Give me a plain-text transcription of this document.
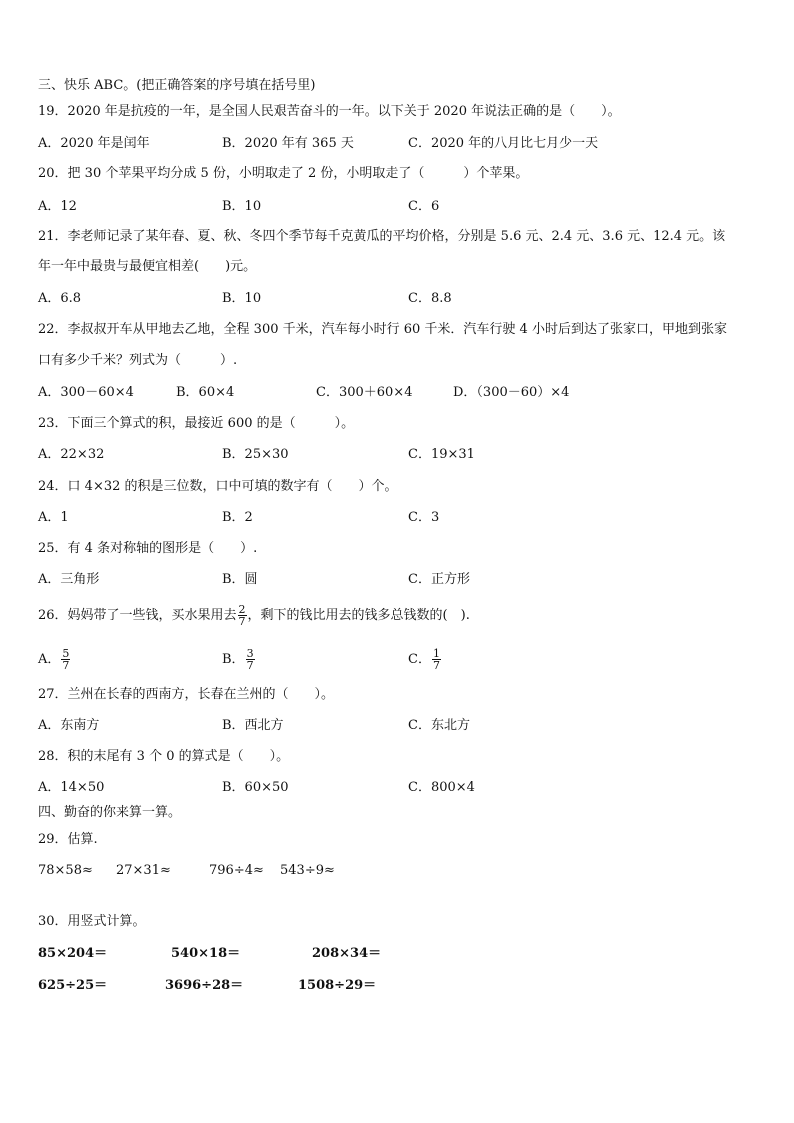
三、快乐 ABC。(把正确答案的序号填在括号里)
19．2020 年是抗疫的一年，是全国人民艰苦奋斗的一年。以下关于 2020 年说法正确的是（　　）。
A．2020 年是闰年	B．2020 年有 365 天	C．2020 年的八月比七月少一天
20．把 30 个苹果平均分成 5 份，小明取走了 2 份，小明取走了（　　　）个苹果。
A．12	B．10	C．6
21．李老师记录了某年春、夏、秋、冬四个季节每千克黄瓜的平均价格，分别是 5.6 元、2.4 元、3.6 元、12.4 元。该
年一年中最贵与最便宜相差(　　)元。
A．6.8	B．10	C．8.8
22．李叔叔开车从甲地去乙地，全程 300 千米，汽车每小时行 60 千米．汽车行驶 4 小时后到达了张家口，甲地到张家
口有多少千米？列式为（　　　）.
A．300－60×4	B．60×4	C．300＋60×4	D．（300－60）×4
23．下面三个算式的积，最接近 600 的是（　　　）。
A．22×32	B．25×30	C．19×31
24．口 4×32 的积是三位数，口中可填的数字有（　　）个。
A．1	B．2	C．3
25．有 4 条对称轴的图形是（　　）.
A．三角形	B．圆	C．正方形
26．妈妈带了一些钱，买水果用去 $\frac{2}{7}$ ，剩下的钱比用去的钱多总钱数的(　).
A． $\frac{5}{7}$	B． $\frac{3}{7}$	C． $\frac{1}{7}$
27．兰州在长春的西南方，长春在兰州的（　　）。
A．东南方	B．西北方	C．东北方
28．积的末尾有 3 个 0 的算式是（　　）。
A．14×50	B．60×50	C．800×4
四、勤奋的你来算一算。
29．估算.
78×58≈ 27×31≈	796÷4≈ 543÷9≈
30．用竖式计算。
85×204＝	540×18＝	208×34＝
625÷25＝	3696÷28＝	1508÷29＝
